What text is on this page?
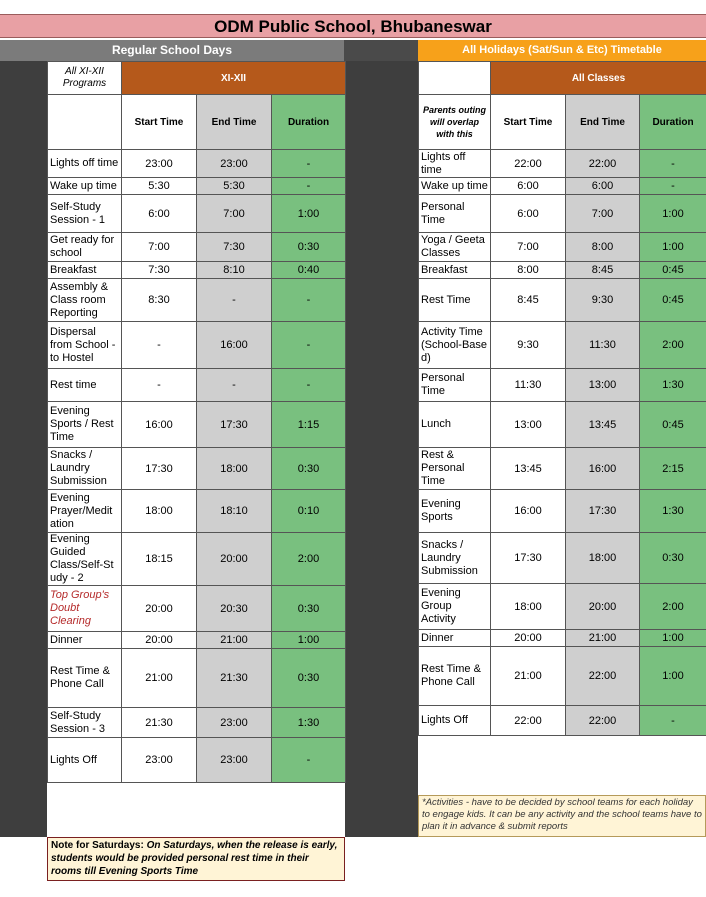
ODM Public School, Bhubaneswar
Regular School Days	All Holidays (Sat/Sun & Etc) Timetable
All XI-XII Programs	XI-XII		
	Start Time	End Time	Duration
Lights off time	23:00	23:00	-
Wake up time	5:30	5:30	-
Self-Study Session - 1	6:00	7:00	1:00
Get ready for school	7:00	7:30	0:30
Breakfast	7:30	8:10	0:40
Assembly & Class room Reporting	8:30	-	-
Dispersal from School - to Hostel	-	16:00	-
Rest time	-	-	-
Evening Sports / Rest Time	16:00	17:30	1:15
Snacks / Laundry Submission	17:30	18:00	0:30
Evening Prayer/Medit ation	18:00	18:10	0:10
Evening Guided Class/Self-St udy - 2	18:15	20:00	2:00
Top Group's Doubt Clearing	20:00	20:30	0:30
Dinner	20:00	21:00	1:00
Rest Time & Phone Call	21:00	21:30	0:30
Self-Study Session - 3	21:30	23:00	1:30
Lights Off	23:00	23:00	-
	All Classes		
Parents outing will overlap with this	Start Time	End Time	Duration
Lights off time	22:00	22:00	-
Wake up time	6:00	6:00	-
Personal Time	6:00	7:00	1:00
Yoga / Geeta Classes	7:00	8:00	1:00
Breakfast	8:00	8:45	0:45
Rest Time	8:45	9:30	0:45
Activity Time (School-Base d)	9:30	11:30	2:00
Personal Time	11:30	13:00	1:30
Lunch	13:00	13:45	0:45
Rest & Personal Time	13:45	16:00	2:15
Evening Sports	16:00	17:30	1:30
Snacks / Laundry Submission	17:30	18:00	0:30
Evening Group Activity	18:00	20:00	2:00
Dinner	20:00	21:00	1:00
Rest Time & Phone Call	21:00	22:00	1:00
Lights Off	22:00	22:00	-
Note for Saturdays: On Saturdays, when the release is early, students would be provided personal rest time in their rooms till Evening Sports Time
*Activities - have to be decided by school teams for each holiday to engage kids. It can be any activity and the school teams have to plan it in advance & submit reports
